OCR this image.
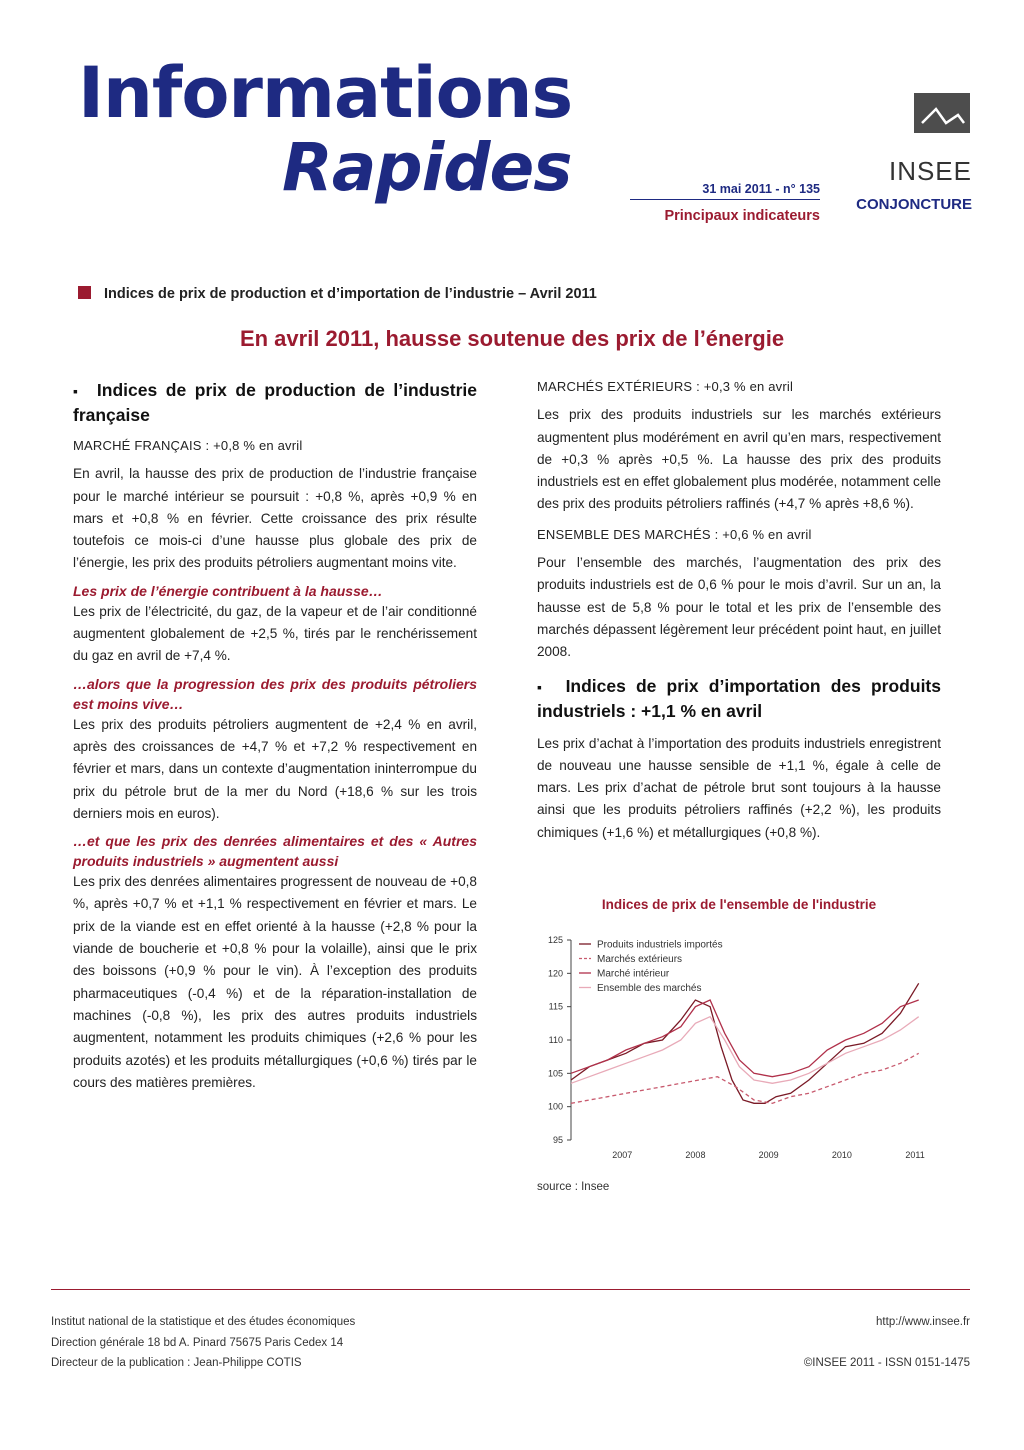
Informations
Rapides	31 mai 2011 - n° 135
Principaux indicateurs
INSEE
CONJONCTURE
Indices de prix de production et d’importation de l’industrie – Avril 2011
En avril 2011, hausse soutenue des prix de l’énergie
▪  Indices de prix de production de l’industrie française
MARCHÉ FRANÇAIS : +0,8 % en avril

En avril, la hausse des prix de production de l’industrie française pour le marché intérieur se poursuit : +0,8 %, après +0,9 % en mars et +0,8 % en février. Cette croissance des prix résulte toutefois ce mois-ci d’une hausse plus globale des prix de l’énergie, les prix des produits pétroliers augmentant moins vite.

Les prix de l’énergie contribuent à la hausse…

Les prix de l’électricité, du gaz, de la vapeur et de l’air conditionné augmentent globalement de +2,5 %, tirés par le renchérissement du gaz en avril de +7,4 %.

…alors que la progression des prix des produits pétroliers est moins vive…

Les prix des produits pétroliers augmentent de +2,4 % en avril, après des croissances de +4,7 % et +7,2 % respectivement en février et mars, dans un contexte d’augmentation ininterrompue du prix du pétrole brut de la mer du Nord (+18,6 % sur les trois derniers mois en euros).

…et que les prix des denrées alimentaires et des « Autres produits industriels » augmentent aussi

Les prix des denrées alimentaires progressent de nouveau de +0,8 %, après +0,7 % et +1,1 % respectivement en février et mars. Le prix de la viande est en effet orienté à la hausse (+2,8 % pour la viande de boucherie et +0,8 % pour la volaille), ainsi que le prix des boissons (+0,9 % pour le vin). À l’exception des produits pharmaceutiques (-0,4 %) et de la réparation-installation de machines (-0,8 %), les prix des autres produits industriels augmentent, notamment les produits chimiques (+2,6 % pour les produits azotés) et les produits métallurgiques (+0,6 %) tirés par le cours des matières premières.

MARCHÉS EXTÉRIEURS : +0,3 % en avril

Les prix des produits industriels sur les marchés extérieurs augmentent plus modérément en avril qu’en mars, respectivement de +0,3 % après +0,5 %. La hausse des prix des produits industriels est en effet globalement plus modérée, notamment celle des prix des produits pétroliers raffinés (+4,7 % après +8,6 %).

ENSEMBLE DES MARCHÉS : +0,6 % en avril

Pour l’ensemble des marchés, l’augmentation des prix des produits industriels est de 0,6 % pour le mois d’avril. Sur un an, la hausse est de 5,8 % pour le total et les prix de l’ensemble des marchés dépassent légèrement leur précédent point haut, en juillet 2008.

▪  Indices de prix d’importation des produits industriels : +1,1 % en avril

Les prix d’achat à l’importation des produits industriels enregistrent de nouveau une hausse sensible de +1,1 %, égale à celle de mars. Les prix d’achat de pétrole brut sont toujours à la hausse ainsi que les produits pétroliers raffinés (+2,2 %), les produits chimiques (+1,6 %) et métallurgiques (+0,8 %).

Indices de prix de l'ensemble de l'industrie
95
100
105
110
115
120
125
2007	2008	2009	2010	2011
Produits industriels importés
Marchés extérieurs
Marché intérieur
Ensemble des marchés
source : Insee
Institut national de la statistique et des études économiques
Direction générale 18 bd A. Pinard 75675 Paris Cedex 14
Directeur de la publication : Jean-Philippe COTIS
http://www.insee.fr

©INSEE 2011 - ISSN 0151-1475
